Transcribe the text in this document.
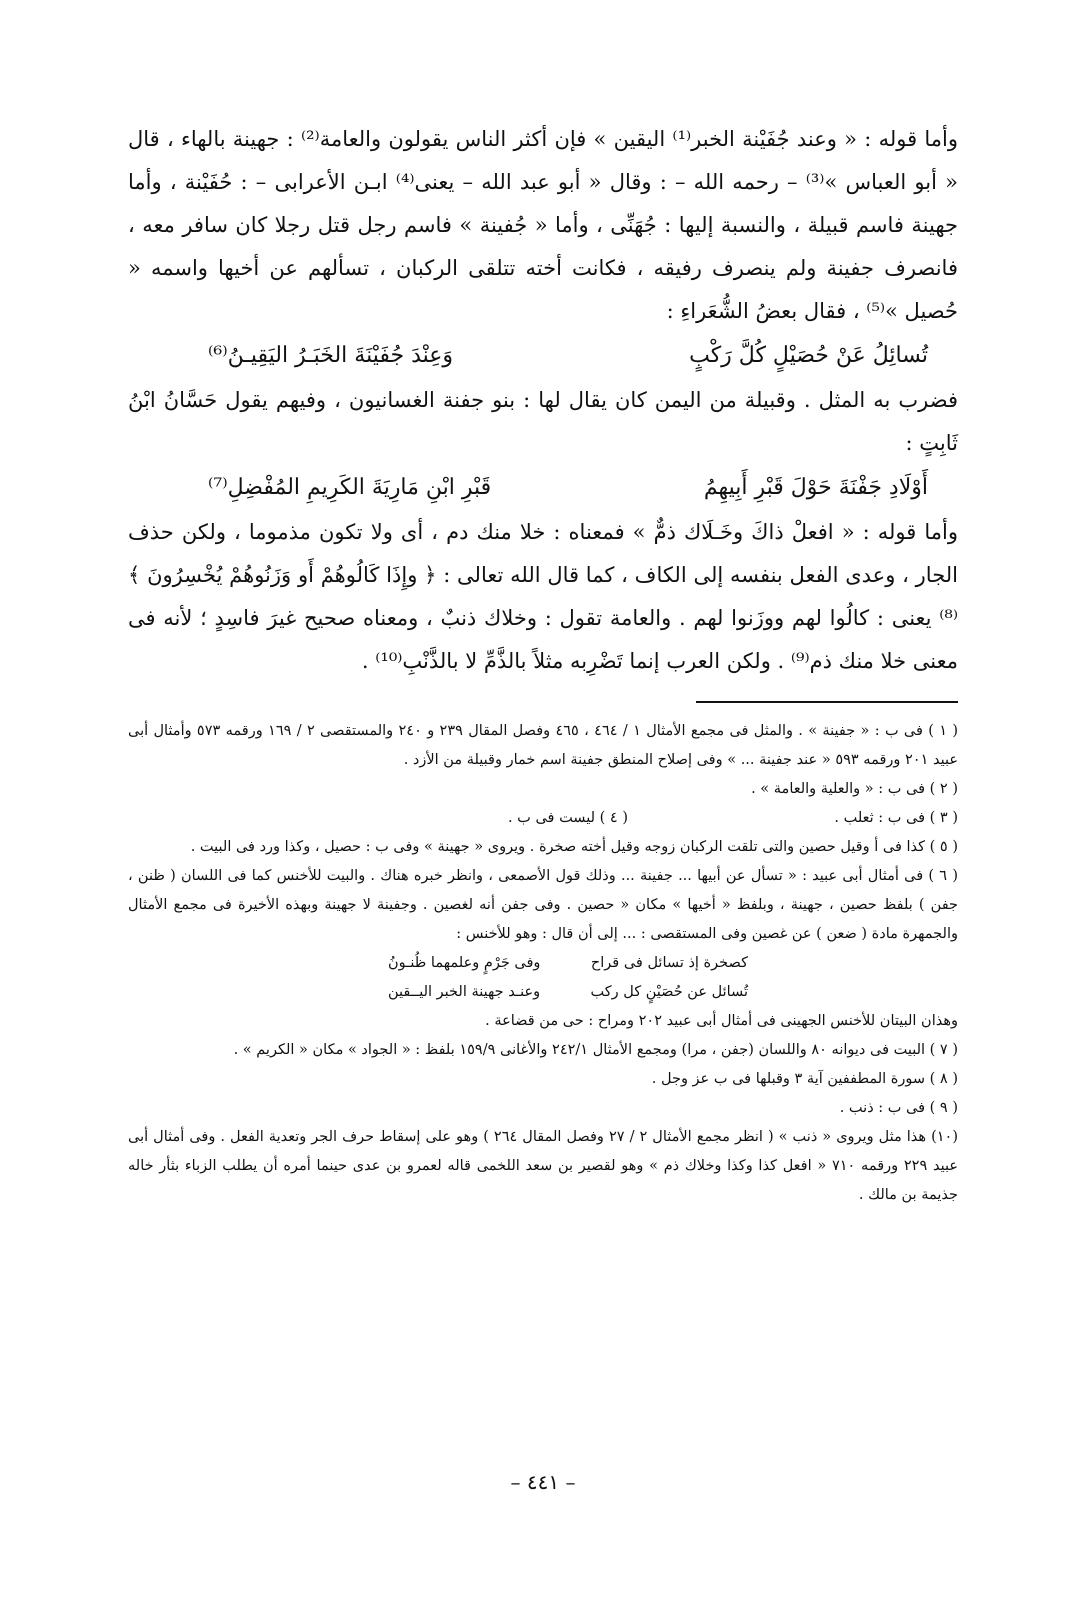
وأما قوله : « وعند جُفَيْنة الخبر⁽¹⁾ اليقين » فإن أكثر الناس يقولون والعامة⁽²⁾ : جهينة بالهاء ، قال « أبو العباس »⁽³⁾ – رحمه الله – : وقال « أبو عبد الله – يعنى⁽⁴⁾ ابـن الأعرابى – : حُفَيْنة ، وأما جهينة فاسم قبيلة ، والنسبة إليها : جُهَنِّى ، وأما « جُفينة » فاسم رجل قتل رجلا كان سافر معه ، فانصرف جفينة ولم ينصرف رفيقه ، فكانت أخته تتلقى الركبان ، تسألهم عن أخيها واسمه « حُصيل »⁽⁵⁾ ، فقال بعضُ الشُّعَراءِ :

تُسائِلُ عَنْ حُصَيْلٍ كُلَّ رَكْبٍ
وَعِنْدَ جُفَيْنَةَ الخَبَـرُ اليَقِيـنُ⁽⁶⁾

فضرب به المثل . وقبيلة من اليمن كان يقال لها : بنو جفنة الغسانيون ، وفيهم يقول حَسَّانُ ابْنُ ثَابِتٍ :

أَوْلَادِ جَفْنَةَ حَوْلَ قَبْرِ أَبِيهِمُ
قَبْرِ ابْنِ مَارِيَةَ الكَرِيمِ المُفْضِلِ⁽⁷⁾

وأما قوله : « افعلْ ذاكَ وخَـلَاك ذمٌّ » فمعناه : خلا منك دم ، أى ولا تكون مذموما ، ولكن حذف الجار ، وعدى الفعل بنفسه إلى الكاف ، كما قال الله تعالى : ﴿ وإِذَا كَالُوهُمْ أَو وَزَنُوهُمْ يُخْسِرُونَ ﴾⁽⁸⁾ يعنى : كالُوا لهم ووزَنوا لهم . والعامة تقول : وخلاك ذنبٌ ، ومعناه صحيح غيرَ فاسِدٍ ؛ لأنه فى معنى خلا منك ذم⁽⁹⁾ . ولكن العرب إنما تَضْرِبه مثلاً بالذَّمِّ لا بالذَّنْبِ⁽¹⁰⁾ .

( ١ ) فى ب : « جفينة » . والمثل فى مجمع الأمثال ١ / ٤٦٤ ، ٤٦٥ وفصل المقال ٢٣٩ و ٢٤٠ والمستقصى ٢ / ١٦٩ ورقمه ٥٧٣ وأمثال أبى عبيد ٢٠١ ورقمه ٥٩٣ « عند جفينة ... » وفى إصلاح المنطق جفينة اسم خمار وقبيلة من الأزد .

( ٢ ) فى ب : « والعلية والعامة » .

( ٣ ) فى ب : ثعلب .

( ٤ ) ليست فى ب .

( ٥ ) كذا فى أ وقيل حصين والتى تلقت الركبان زوجه وقيل أخته صخرة . ويروى « جهينة » وفى ب : حصيل ، وكذا ورد فى البيت .

( ٦ ) فى أمثال أبى عبيد : « تسأل عن أبيها ... جفينة ... وذلك قول الأصمعى ، وانظر خبره هناك . والبيت للأخنس كما فى اللسان ( ظنن ، جفن ) بلفظ حصين ، جهينة ، وبلفظ « أخيها » مكان « حصين . وفى جفن أنه لغصين . وجفينة لا جهينة وبهذه الأخيرة فى مجمع الأمثال والجمهرة مادة ( ضعن ) عن غصين وفى المستقصى : ... إلى أن قال : وهو للأخنس :

كصخرة إذ تسائل فى قراح
وفى جَرْمٍ وعلمهما ظُنـونُ
تُسائل عن حُصَيْنٍ كل ركب
وعنـد جهينة الخبر اليــقين

وهذان البيتان للأخنس الجهينى فى أمثال أبى عبيد ٢٠٢ ومراح : حى من قضاعة .

( ٧ ) البيت فى ديوانه ٨٠ واللسان (جفن ، مرا) ومجمع الأمثال ٢٤٢/١ والأغانى ١٥٩/٩ بلفظ : « الجواد » مكان « الكريم » .

( ٨ ) سورة المطففين آية ٣ وقبلها فى ب عز وجل .

( ٩ ) فى ب : ذنب .

(١٠) هذا مثل ويروى « ذنب » ( انظر مجمع الأمثال ٢ / ٢٧ وفصل المقال ٢٦٤ ) وهو على إسقاط حرف الجر وتعدية الفعل . وفى أمثال أبى عبيد ٢٢٩ ورقمه ٧١٠ « افعل كذا وكذا وخلاك ذم » وهو لقصير بن سعد اللخمى قاله لعمرو بن عدى حينما أمره أن يطلب الزباء بثأر خاله جذيمة بن مالك .

– ٤٤١ –
